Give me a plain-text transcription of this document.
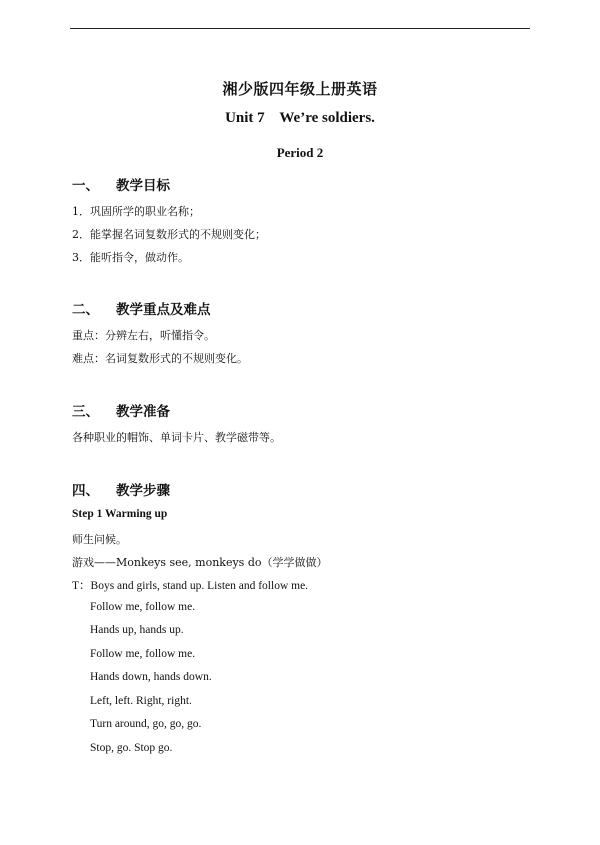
湘少版四年级上册英语
Unit 7    We’re soldiers.
Period 2
一、 教学目标
1．巩固所学的职业名称；
2．能掌握名词复数形式的不规则变化；
3．能听指令，做动作。
二、 教学重点及难点
重点：分辨左右，听懂指令。
难点：名词复数形式的不规则变化。
三、 教学准备
各种职业的帽饰、单词卡片、教学磁带等。
四、 教学步骤
Step 1 Warming up
师生问候。
游戏——Monkeys see, monkeys do（学学做做）
T：Boys and girls, stand up. Listen and follow me.
Follow me, follow me.
Hands up, hands up.
Follow me, follow me.
Hands down, hands down.
Left, left. Right, right.
Turn around, go, go, go.
Stop, go. Stop go.
